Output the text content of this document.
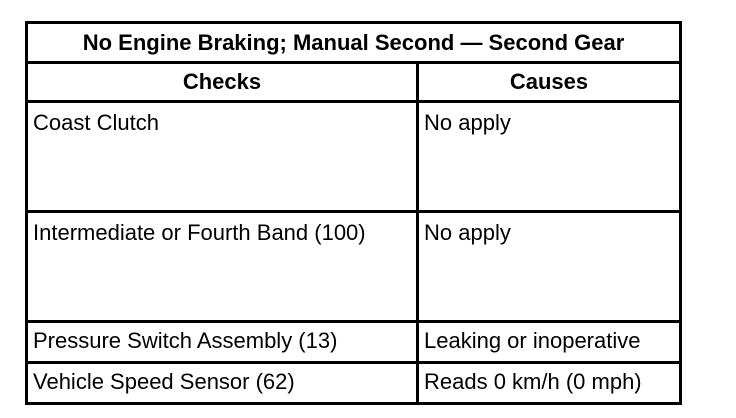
No Engine Braking; Manual Second — Second Gear	
Checks	Causes
Coast Clutch	No apply
Intermediate or Fourth Band (100)	No apply
Pressure Switch Assembly (13)	Leaking or inoperative
Vehicle Speed Sensor (62)	Reads 0 km/h (0 mph)
